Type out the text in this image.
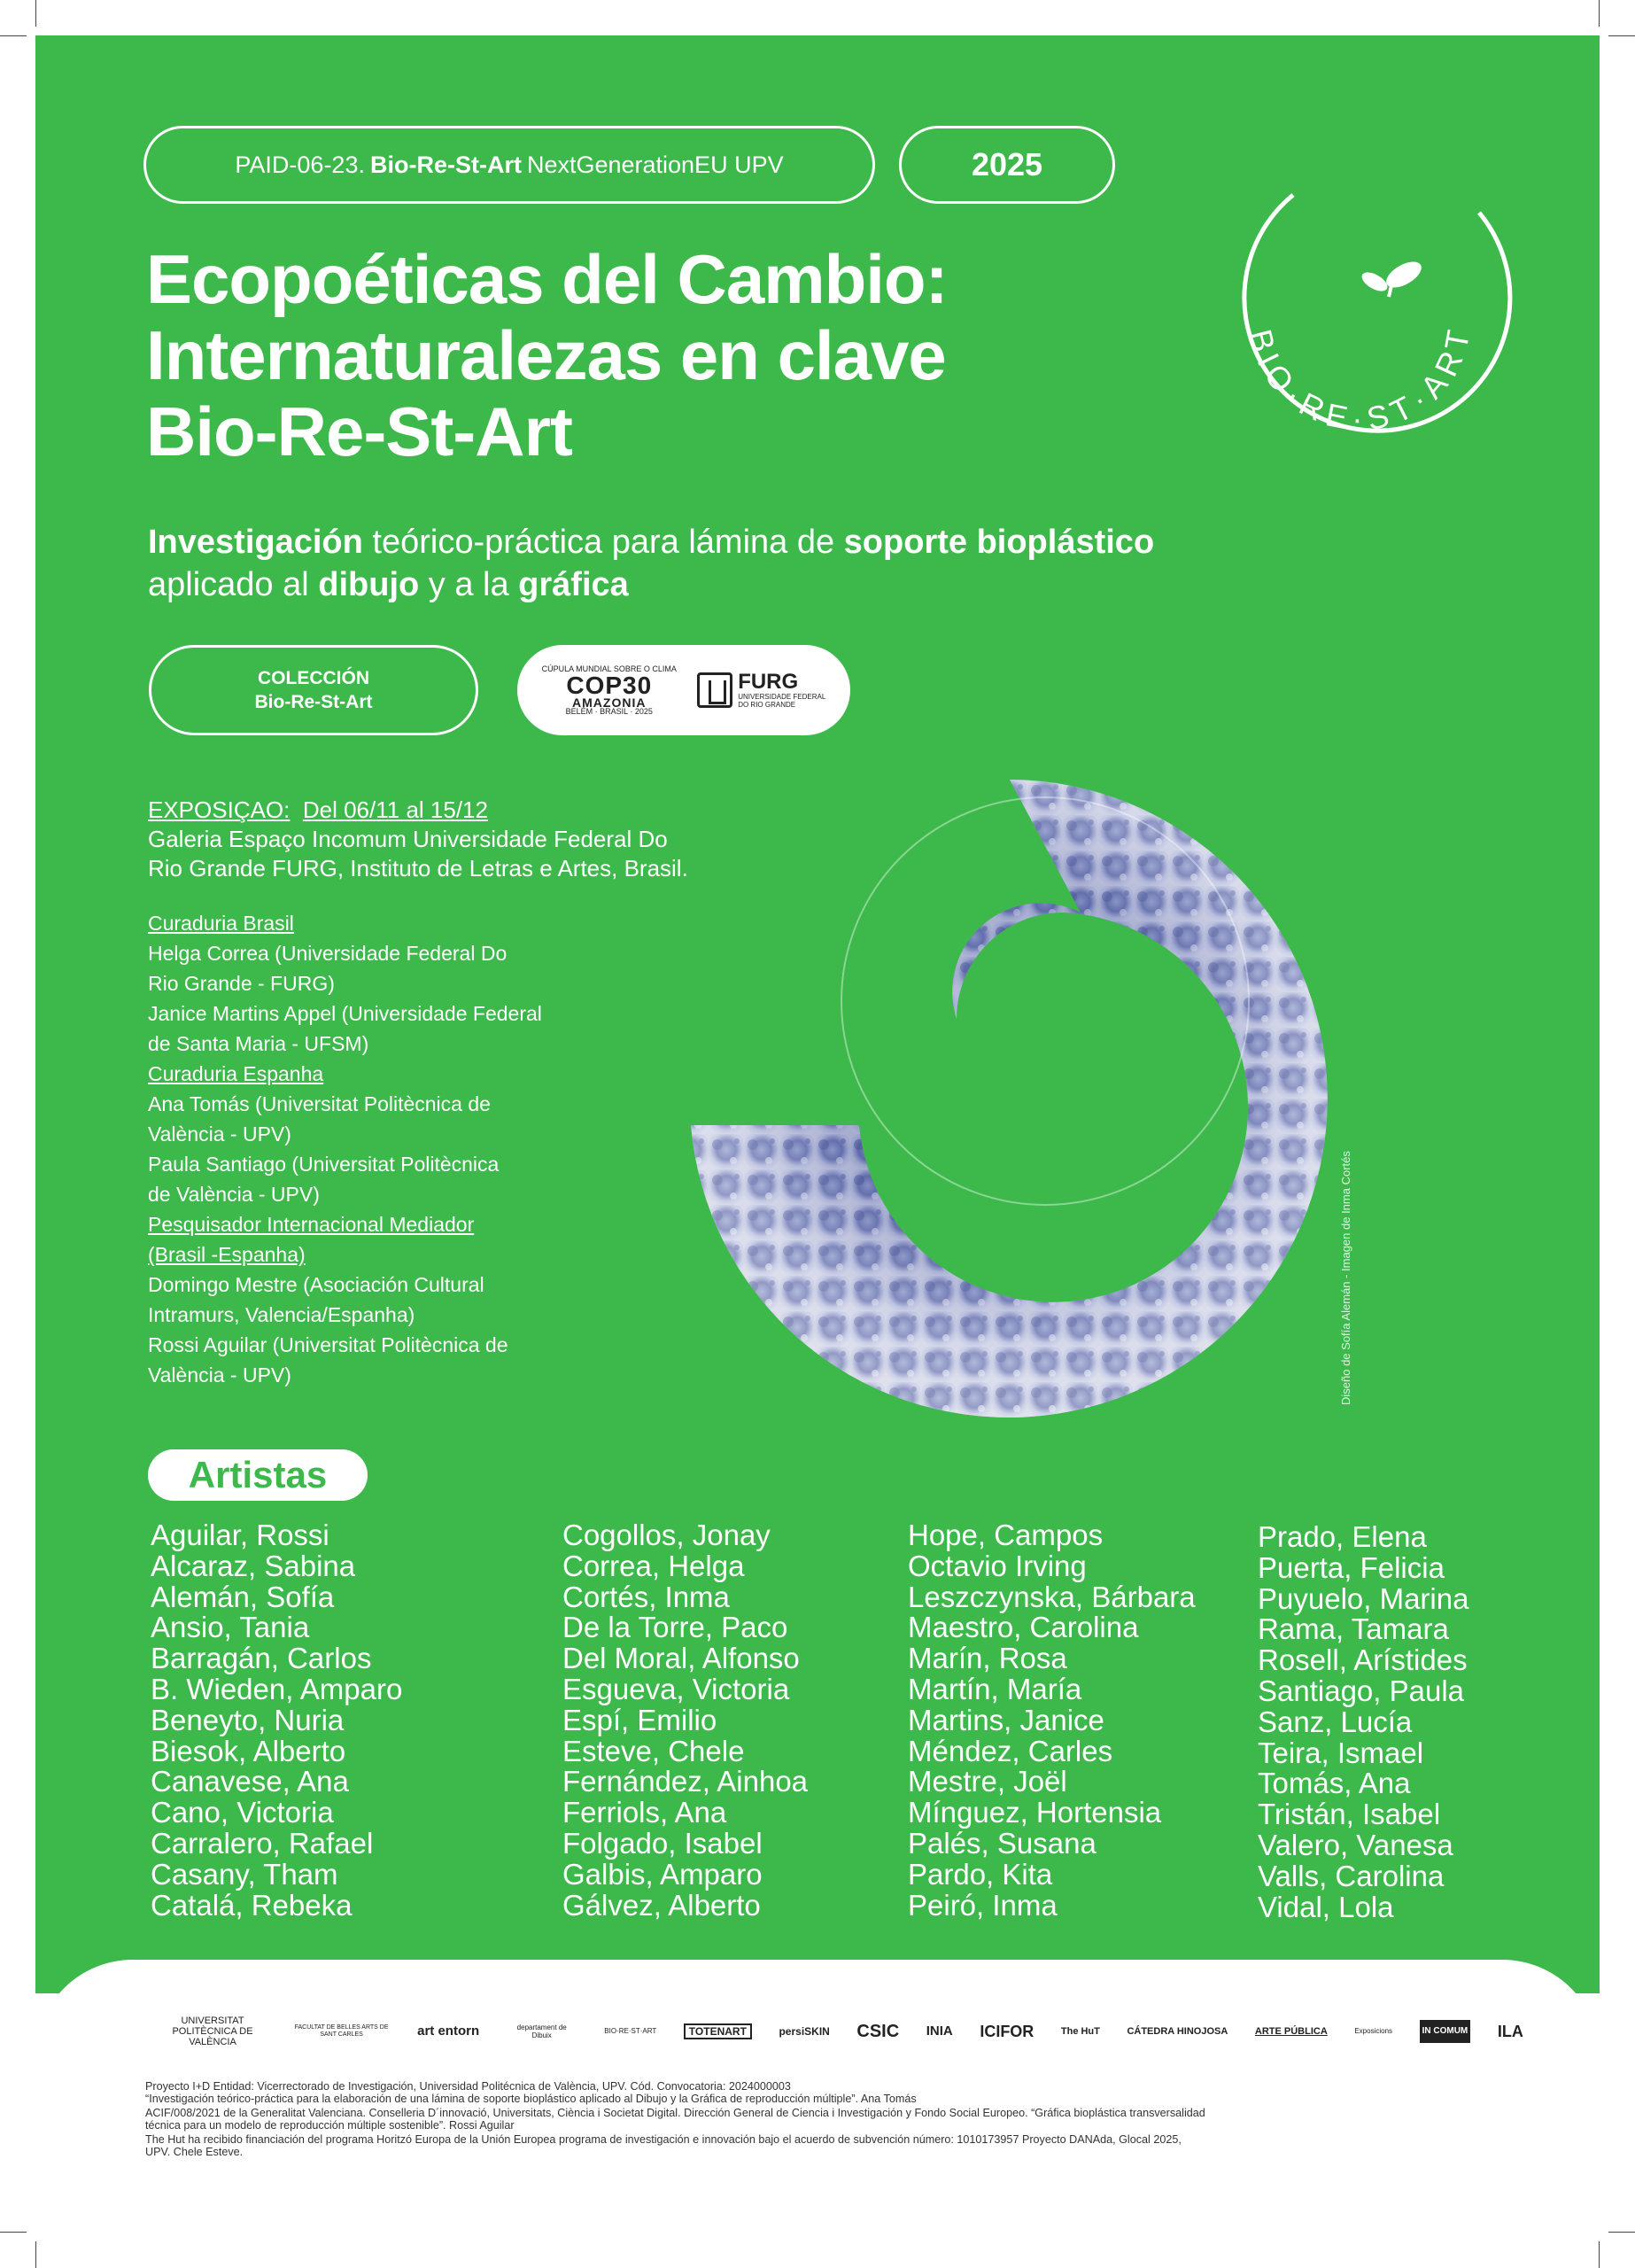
PAID-06-23. Bio-Re-St-Art NextGenerationEU UPV	2025
BIO·RE·ST·ART
Ecopoéticas del Cambio:
Internaturalezas en clave
Bio-Re-St-Art

Investigación teórico-práctica para lámina de soporte bioplástico
aplicado al dibujo y a la gráfica

COLECCIÓN
Bio-Re-St-Art
CÚPULA MUNDIAL SOBRE O CLIMA
COP30
AMAZONIA
BELÉM · BRASIL · 2025
FURG
UNIVERSIDADE FEDERAL
DO RIO GRANDE
Diseño de Sofía Alemán - Imagen de Inma Cortés
EXPOSIÇAO: Del 06/11 al 15/12
Galeria Espaço Incomum Universidade Federal Do
Rio Grande FURG, Instituto de Letras e Artes, Brasil.
Curaduria Brasil
Helga Correa (Universidade Federal Do
Rio Grande - FURG)
Janice Martins Appel (Universidade Federal
de Santa Maria - UFSM)
Curaduria Espanha
Ana Tomás (Universitat Politècnica de
València - UPV)
Paula Santiago (Universitat Politècnica
de València - UPV)
Pesquisador Internacional Mediador
(Brasil -Espanha)
Domingo Mestre (Asociación Cultural
Intramurs, Valencia/Espanha)
Rossi Aguilar (Universitat Politècnica de
València - UPV)
Artistas
Aguilar, Rossi
Alcaraz, Sabina
Alemán, Sofía
Ansio, Tania
Barragán, Carlos
B. Wieden, Amparo
Beneyto, Nuria
Biesok, Alberto
Canavese, Ana
Cano, Victoria
Carralero, Rafael
Casany, Tham
Catalá, Rebeka
Cogollos, Jonay
Correa, Helga
Cortés, Inma
De la Torre, Paco
Del Moral, Alfonso
Esgueva, Victoria
Espí, Emilio
Esteve, Chele
Fernández, Ainhoa
Ferriols, Ana
Folgado, Isabel
Galbis, Amparo
Gálvez, Alberto
Hope, Campos
Octavio Irving
Leszczynska, Bárbara
Maestro, Carolina
Marín, Rosa
Martín, María
Martins, Janice
Méndez, Carles
Mestre, Joël
Mínguez, Hortensia
Palés, Susana
Pardo, Kita
Peiró, Inma
Prado, Elena
Puerta, Felicia
Puyuelo, Marina
Rama, Tamara
Rosell, Arístides
Santiago, Paula
Sanz, Lucía
Teira, Ismael
Tomás, Ana
Tristán, Isabel
Valero, Vanesa
Valls, Carolina
Vidal, Lola
UNIVERSITAT POLITÈCNICA DE VALÈNCIA
FACULTAT DE BELLES ARTS DE SANT CARLES	art entorn	departament de Dibuix
BIO·RE·ST·ART	TOTENART	persiSKIN CSIC INIA ICIFOR	The HuT	CÁTEDRA HINOJOSA	ARTE PÚBLICA	Exposicions	IN COMUM ILA
Proyecto I+D Entidad: Vicerrectorado de Investigación, Universidad Politécnica de València, UPV. Cód. Convocatoria: 2024000003
“Investigación teórico-práctica para la elaboración de una lámina de soporte bioplástico aplicado al Dibujo y la Gráfica de reproducción múltiple”. Ana Tomás
ACIF/008/2021 de la Generalitat Valenciana. Conselleria D´innovació, Universitats, Ciència i Societat Digital. Dirección General de Ciencia i Investigación y Fondo Social Europeo. “Gráfica bioplástica transversalidad
técnica para un modelo de reproducción múltiple sostenible”. Rossi Aguilar
The Hut ha recibido financiación del programa Horitzó Europa de la Unión Europea programa de investigación e innovación bajo el acuerdo de subvención número: 1010173957 Proyecto DANAda, Glocal 2025,
UPV. Chele Esteve.
